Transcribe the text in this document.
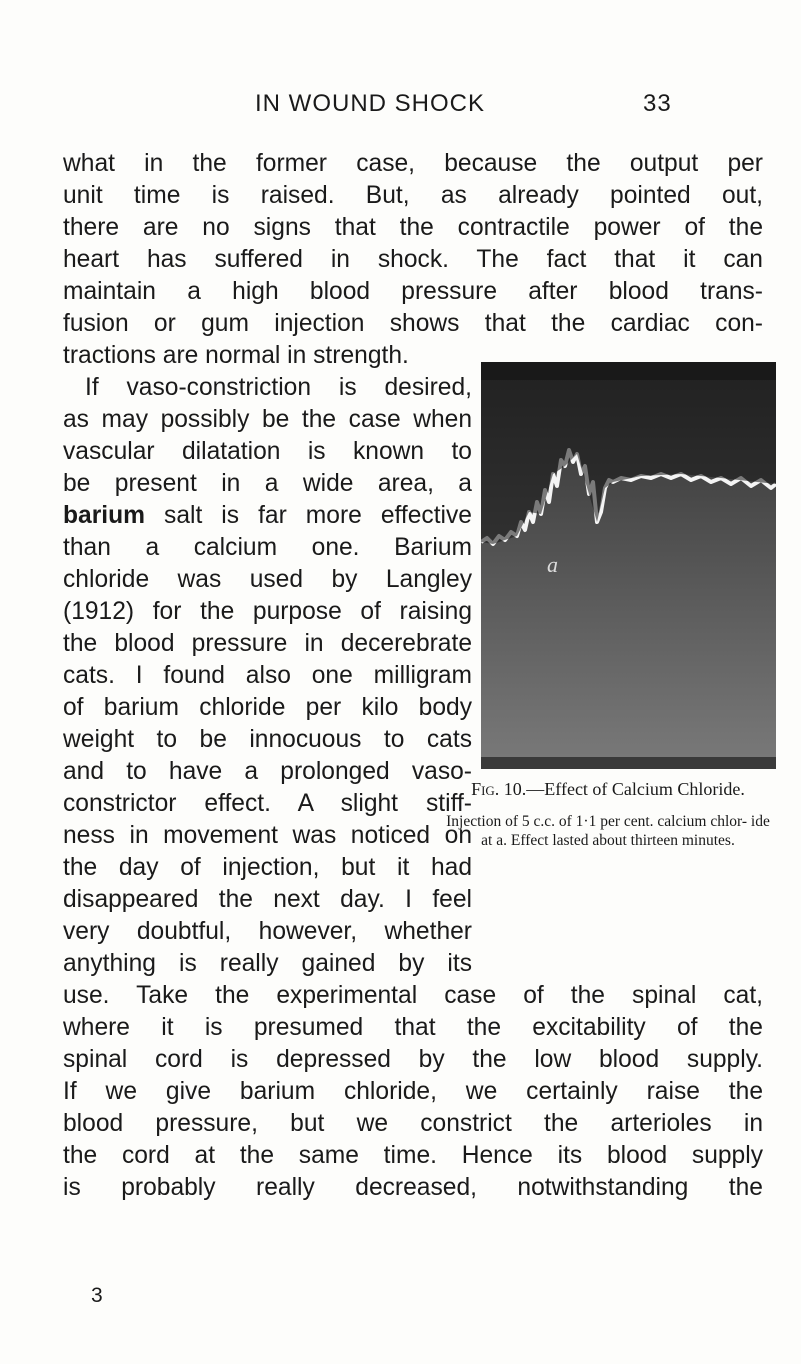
IN WOUND SHOCK	33
what in the former case, because the output per
unit time is raised. But, as already pointed out,
there are no signs that the contractile power of the
heart has suffered in shock. The fact that it can
maintain a high blood pressure after blood trans-
fusion or gum injection shows that the cardiac con-
tractions are normal in strength.
If vaso-constriction is desired,
as may possibly be the case when
vascular dilatation is known to
be present in a wide area, a
barium salt is far more effective
than a calcium one. Barium
chloride was used by Langley
(1912) for the purpose of raising
the blood pressure in decerebrate
cats. I found also one milligram
of barium chloride per kilo body
weight to be innocuous to cats
and to have a prolonged vaso-
constrictor effect. A slight stiff-
ness in movement was noticed on
the day of injection, but it had
disappeared the next day. I feel
very doubtful, however, whether
anything is really gained by its
use. Take the experimental case of the spinal cat,
where it is presumed that the excitability of the
spinal cord is depressed by the low blood supply.
If we give barium chloride, we certainly raise the
blood pressure, but we constrict the arterioles in
the cord at the same time. Hence its blood supply
is probably really decreased, notwithstanding the
a
Fig. 10.—Effect of Calcium Chloride.
Injection of 5 c.c. of 1·1 per cent. calcium chlor- ide at a. Effect lasted about thirteen minutes.
3
